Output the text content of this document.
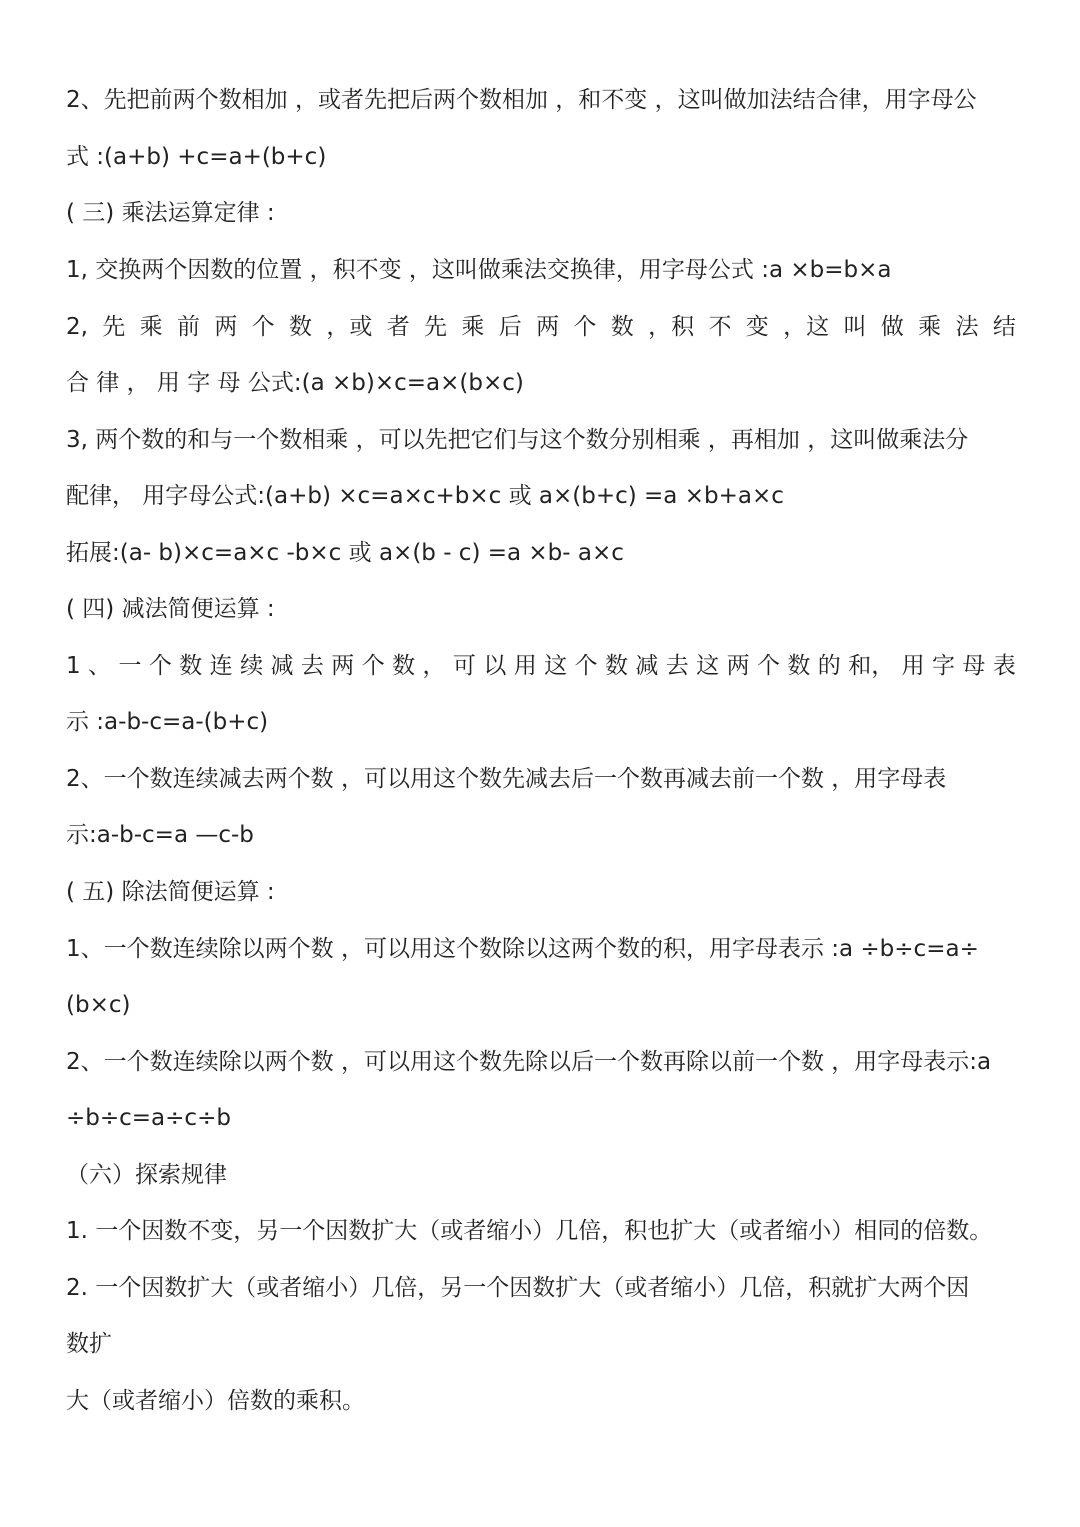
2、先把前两个数相加 ，或者先把后两个数相加 ，和不变 ，这叫做加法结合律，用字母公
式 :(a+b) +c=a+(b+c)
( 三) 乘法运算定律 :
1, 交换两个因数的位置 ，积不变 ，这叫做乘法交换律，用字母公式 :a ×b=b×a
2, 先 乘 前 两 个 数 ，或 者 先 乘 后 两 个 数 ，积 不 变 ，这 叫 做 乘 法 结
合 律 ， 用 字 母 公式:(a ×b)×c=a×(b×c)
3, 两个数的和与一个数相乘 ，可以先把它们与这个数分别相乘 ，再相加 ，这叫做乘法分
配律， 用字母公式:(a+b) ×c=a×c+b×c 或 a×(b+c) =a ×b+a×c
拓展:(a- b)×c=a×c -b×c 或 a×(b - c) =a ×b- a×c
( 四) 减法简便运算 :
1 、 一 个 数 连 续 减 去 两 个 数 ， 可 以 用 这 个 数 减 去 这 两 个 数 的 和， 用 字 母 表
示 :a-b-c=a-(b+c)
2、一个数连续减去两个数 ，可以用这个数先减去后一个数再减去前一个数 ，用字母表
示:a-b-c=a —c-b
( 五) 除法简便运算 :
1、一个数连续除以两个数 ，可以用这个数除以这两个数的积，用字母表示 :a ÷b÷c=a÷
(b×c)
2、一个数连续除以两个数 ，可以用这个数先除以后一个数再除以前一个数 ，用字母表示:a
÷b÷c=a÷c÷b
（六）探索规律
1. 一个因数不变，另一个因数扩大（或者缩小）几倍，积也扩大（或者缩小）相同的倍数。
2. 一个因数扩大（或者缩小）几倍，另一个因数扩大（或者缩小）几倍，积就扩大两个因
数扩
大（或者缩小）倍数的乘积。
